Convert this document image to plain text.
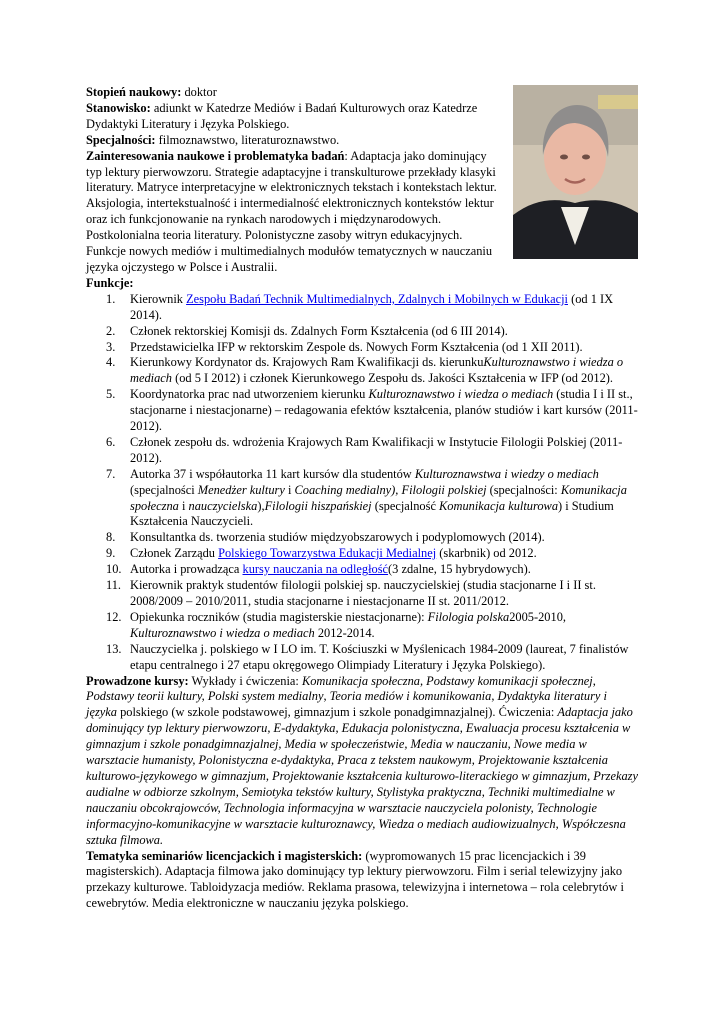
Stopień naukowy: doktor

Stanowisko: adiunkt w Katedrze Mediów i Badań Kulturowych oraz Katedrze Dydaktyki Literatury i Języka Polskiego.

Specjalności: filmoznawstwo, literaturoznawstwo.

Zainteresowania naukowe i problematyka badań: Adaptacja jako dominujący typ lektury pierwowzoru. Strategie adaptacyjne i transkulturowe przekłady klasyki literatury. Matryce interpretacyjne w elektronicznych tekstach i kontekstach lektur. Aksjologia, intertekstualność i intermedialność elektronicznych kontekstów lektur oraz ich funkcjonowanie na rynkach narodowych i międzynarodowych. Postkolonialna teoria literatury. Polonistyczne zasoby witryn edukacyjnych. Funkcje nowych mediów i multimedialnych modułów tematycznych w nauczaniu języka ojczystego w Polsce i Australii.

Funkcje:

1.	Kierownik Zespołu Badań Technik Multimedialnych, Zdalnych i Mobilnych w Edukacji (od 1 IX 2014).
2.	Członek rektorskiej Komisji ds. Zdalnych Form Kształcenia (od 6 III 2014).
3.	Przedstawicielka IFP w rektorskim Zespole ds. Nowych Form Kształcenia (od 1 XII 2011).
4.	Kierunkowy Kordynator ds. Krajowych Ram Kwalifikacji ds. kierunkuKulturoznawstwo i wiedza o mediach (od 5 I 2012) i członek Kierunkowego Zespołu ds. Jakości Kształcenia w IFP (od 2012).
5.	Koordynatorka prac nad utworzeniem kierunku Kulturoznawstwo i wiedza o mediach (studia I i II st., stacjonarne i niestacjonarne) – redagowania efektów kształcenia, planów studiów i kart kursów (2011-2012).
6.	Członek zespołu ds. wdrożenia Krajowych Ram Kwalifikacji w Instytucie Filologii Polskiej (2011-2012).
7.	Autorka 37 i współautorka 11 kart kursów dla studentów Kulturoznawstwa i wiedzy o mediach (specjalności Menedżer kultury i Coaching medialny), Filologii polskiej (specjalności: Komunikacja społeczna i nauczycielska),Filologii hiszpańskiej (specjalność Komunikacja kulturowa) i Studium Kształcenia Nauczycieli.
8.	Konsultantka ds. tworzenia studiów międzyobszarowych i podyplomowych (2014).
9.	Członek Zarządu Polskiego Towarzystwa Edukacji Medialnej (skarbnik) od 2012.
10. Autorka i prowadząca kursy nauczania na odległość(3 zdalne, 15 hybrydowych).
11. Kierownik praktyk studentów filologii polskiej sp. nauczycielskiej (studia stacjonarne I i II st. 2008/2009 – 2010/2011, studia stacjonarne i niestacjonarne II st. 2011/2012.
12. Opiekunka roczników (studia magisterskie niestacjonarne): Filologia polska2005-2010, Kulturoznawstwo i wiedza o mediach 2012-2014.
13. Nauczycielka j. polskiego w I LO im. T. Kościuszki w Myślenicach 1984-2009 (laureat, 7 finalistów etapu centralnego i 27 etapu okręgowego Olimpiady Literatury i Języka Polskiego).

Prowadzone kursy: Wykłady i ćwiczenia: Komunikacja społeczna, Podstawy komunikacji społecznej, Podstawy teorii kultury, Polski system medialny, Teoria mediów i komunikowania, Dydaktyka literatury i języka polskiego (w szkole podstawowej, gimnazjum i szkole ponadgimnazjalnej). Ćwiczenia: Adaptacja jako dominujący typ lektury pierwowzoru, E-dydaktyka, Edukacja polonistyczna, Ewaluacja procesu kształcenia w gimnazjum i szkole ponadgimnazjalnej, Media w społeczeństwie, Media w nauczaniu, Nowe media w warsztacie humanisty, Polonistyczna e-dydaktyka, Praca z tekstem naukowym, Projektowanie kształcenia kulturowo-językowego w gimnazjum, Projektowanie kształcenia kulturowo-literackiego w gimnazjum, Przekazy audialne w odbiorze szkolnym, Semiotyka tekstów kultury, Stylistyka praktyczna, Techniki multimedialne w nauczaniu obcokrajowców, Technologia informacyjna w warsztacie nauczyciela polonisty, Technologie informacyjno-komunikacyjne w warsztacie kulturoznawcy, Wiedza o mediach audiowizualnych, Współczesna sztuka filmowa.

Tematyka seminariów licencjackich i magisterskich: (wypromowanych 15 prac licencjackich i 39 magisterskich). Adaptacja filmowa jako dominujący typ lektury pierwowzoru. Film i serial telewizyjny jako przekazy kulturowe. Tabloidyzacja mediów. Reklama prasowa, telewizyjna i internetowa – rola celebrytów i cewebrytów. Media elektroniczne w nauczaniu języka polskiego.
